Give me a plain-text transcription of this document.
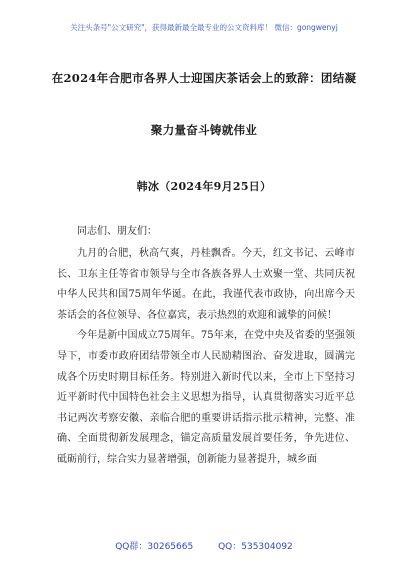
关注头条号"公文研究"，获得最新最全最专业的公文资料库！ 微信：gongwenyj
在2024年合肥市各界人士迎国庆茶话会上的致辞：团结凝
聚力量奋斗铸就伟业
韩冰（2024年9月25日）

同志们、朋友们：

九月的合肥，秋高气爽，丹桂飘香。今天，红文书记、云峰市长、卫东主任等省市领导与全市各族各界人士欢聚一堂、共同庆祝中华人民共和国75周年华诞。在此，我谨代表市政协，向出席今天茶话会的各位领导、各位嘉宾，表示热烈的欢迎和诚挚的问候！

今年是新中国成立75周年。75年来，在党中央及省委的坚强领导下，市委市政府团结带领全市人民励精图治、奋发进取，圆满完成各个历史时期目标任务。特别进入新时代以来，全市上下坚持习近平新时代中国特色社会主义思想为指导，认真贯彻落实习近平总书记两次考察安徽、亲临合肥的重要讲话指示批示精神，完整、准确、全面贯彻新发展理念，锚定高质量发展首要任务，争先进位、砥砺前行，综合实力显著增强，创新能力显著提升，城乡面

QQ群：30265665	QQ：535304092
